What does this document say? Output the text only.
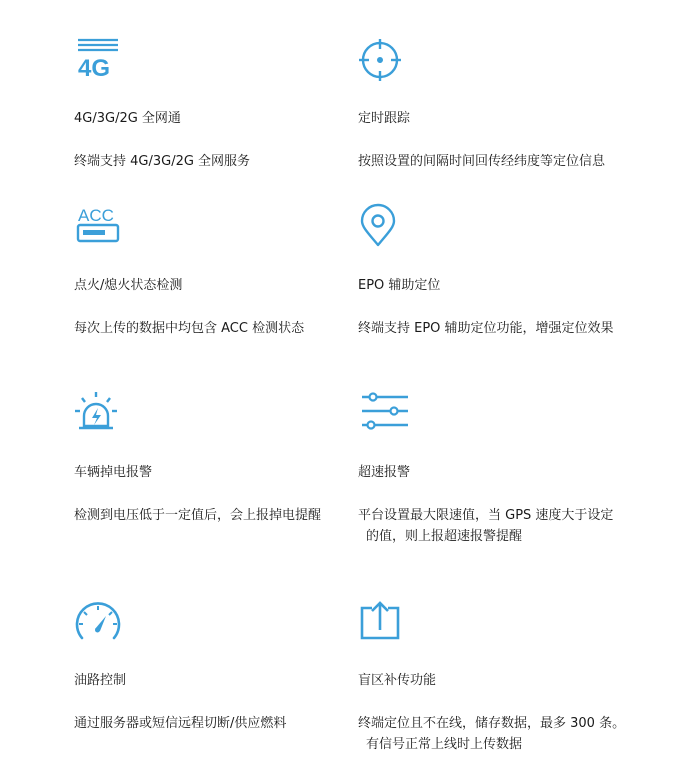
4G
4G/3G/2G 全网通
终端支持 4G/3G/2G 全网服务
定时跟踪
按照设置的间隔时间回传经纬度等定位信息
ACC
点火/熄火状态检测
每次上传的数据中均包含 ACC 检测状态
EPO 辅助定位
终端支持 EPO 辅助定位功能，增强定位效果
车辆掉电报警
检测到电压低于一定值后，会上报掉电提醒
超速报警
平台设置最大限速值，当 GPS 速度大于设定
的值，则上报超速报警提醒
油路控制
通过服务器或短信远程切断/供应燃料
盲区补传功能
终端定位且不在线，储存数据，最多 300 条。
有信号正常上线时上传数据
